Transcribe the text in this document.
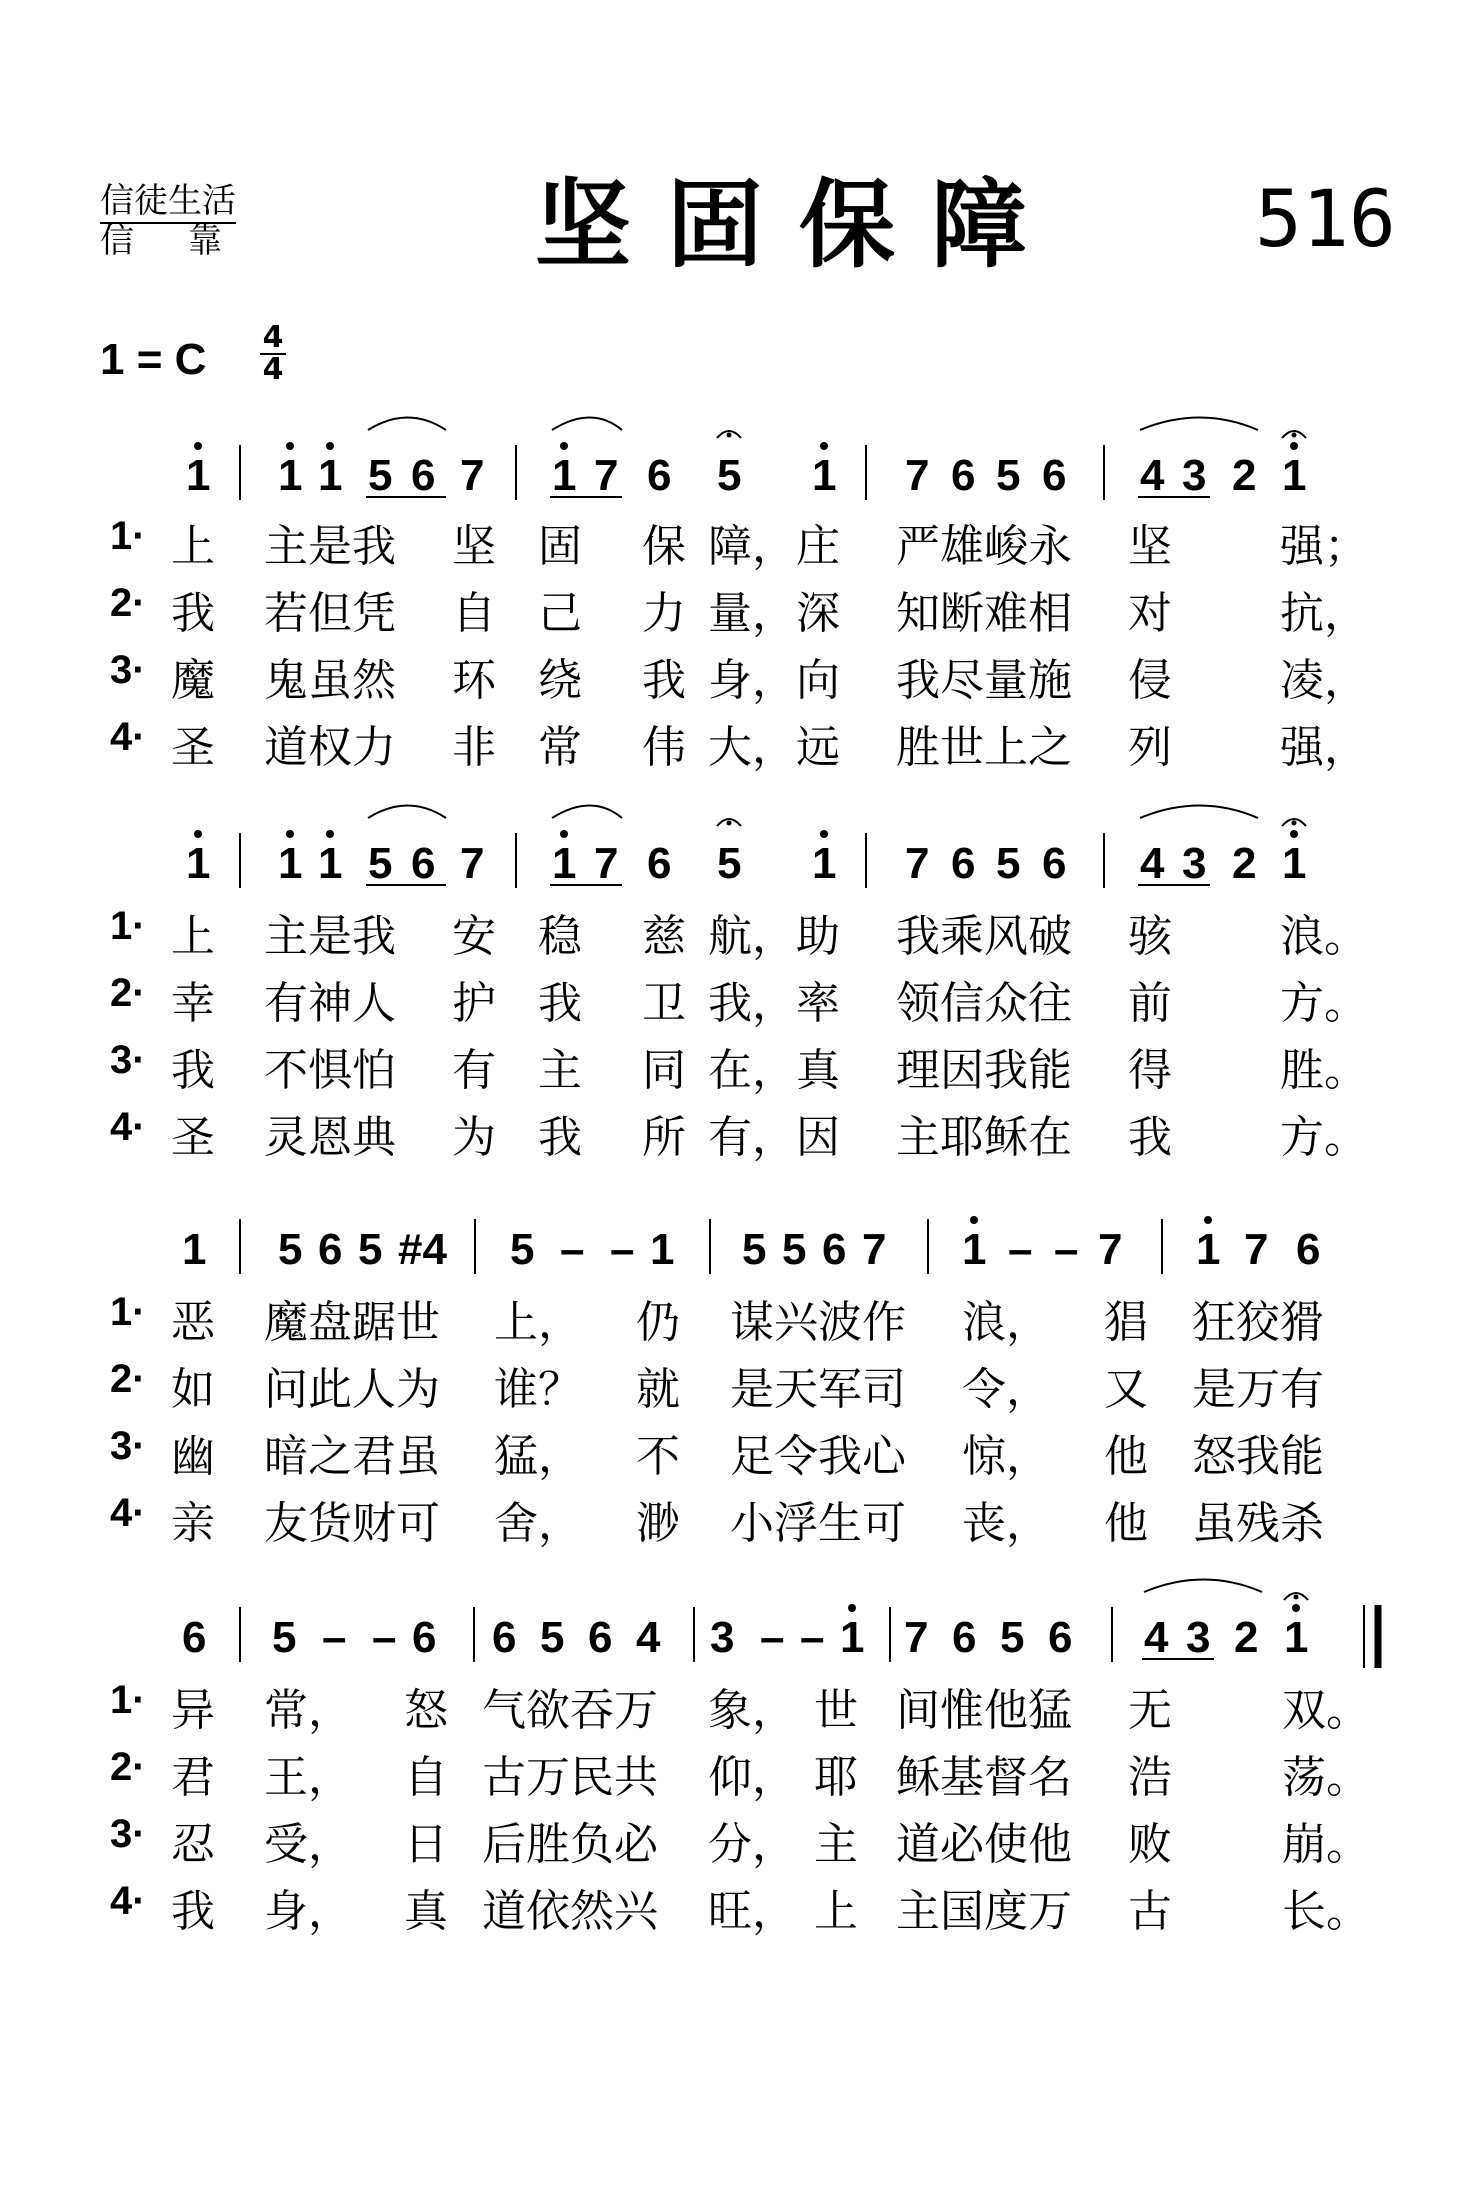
信徒生活
信靠	坚固保障 516
1 = C 4
4
1 1 1 5 6 7 1 7 6 5 1 7 6 5 6 4 3 2 1
1 1 1 5 6 7 1 7 6 5 1 7 6 5 6 4 3 2 1
1 5 6 5 #4 5 – – 1 5 5 6 7 1 – – 7 1 7 6
6 5 – – 6 6 5 6 4 3 – – 1 7 6 5 6 4 3 2 1
1· 上 主是我 坚 固 保 障，庄 严雄峻永 坚 强；
2· 我 若但凭 自 己 力 量，深 知断难相 对 抗，
3· 魔 鬼虽然 环 绕 我 身，向 我尽量施 侵 凌，
4· 圣 道权力 非 常 伟 大，远 胜世上之 列 强，
1· 上 主是我 安 稳 慈 航，助 我乘风破 骇 浪。
2· 幸 有神人 护 我 卫 我，率 领信众往 前 方。
3· 我 不惧怕 有 主 同 在，真 理因我能 得 胜。
4· 圣 灵恩典 为 我 所 有，因 主耶稣在 我 方。
1· 恶 魔盘踞世 上， 仍 谋兴波作 浪， 猖 狂狡猾
2· 如 问此人为 谁？ 就 是天军司 令， 又 是万有
3· 幽 暗之君虽 猛， 不 足令我心 惊， 他 怒我能
4· 亲 友货财可 舍， 渺 小浮生可 丧， 他 虽残杀
1· 异 常， 怒 气欲吞万 象， 世 间惟他猛 无	双。
2· 君 王， 自 古万民共 仰， 耶 稣基督名 浩	荡。
3· 忍 受， 日 后胜负必 分， 主 道必使他 败	崩。
4· 我 身， 真 道依然兴 旺， 上 主国度万 古	长。
